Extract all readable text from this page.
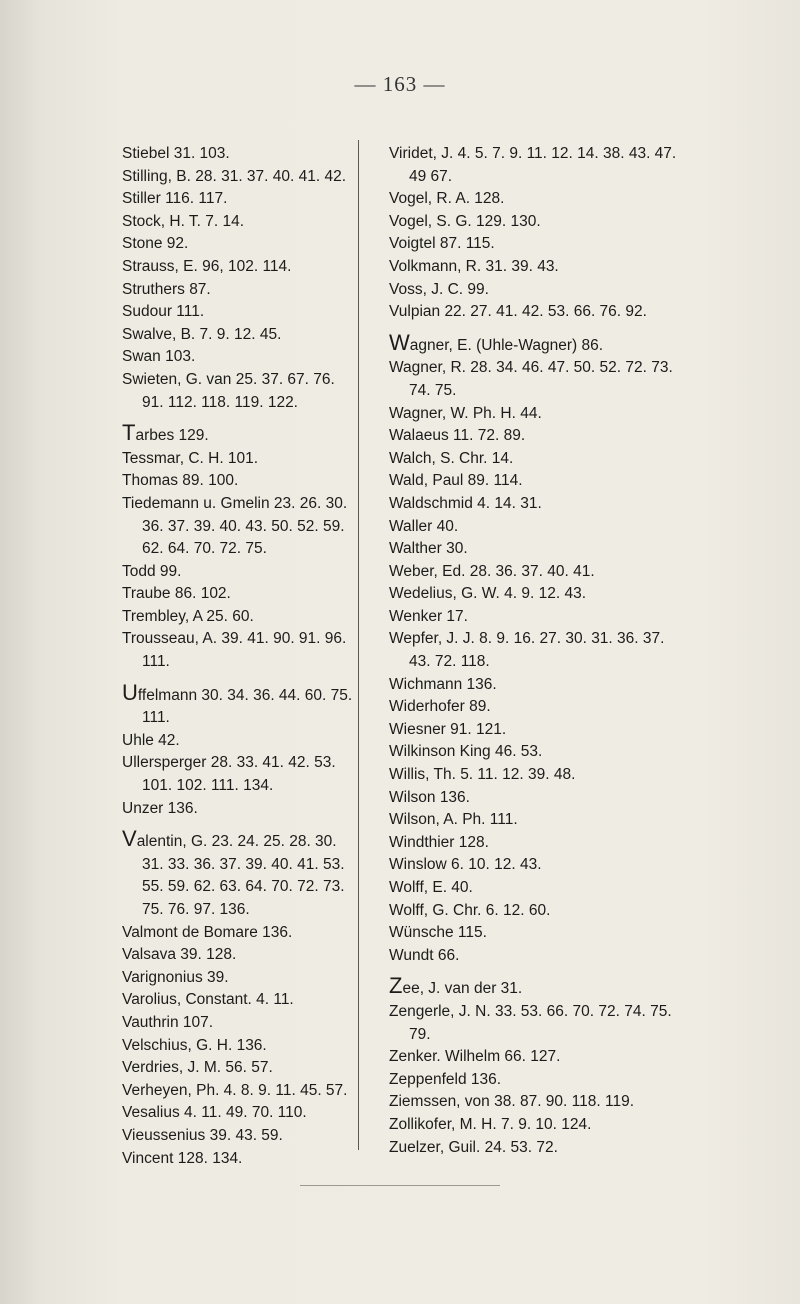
— 163 —

Stiebel 31. 103.

Stilling, B. 28. 31. 37. 40. 41. 42.

Stiller 116. 117.

Stock, H. T. 7. 14.

Stone 92.

Strauss, E. 96, 102. 114.

Struthers 87.

Sudour 111.

Swalve, B. 7. 9. 12. 45.

Swan 103.

Swieten, G. van 25. 37. 67. 76. 91. 112. 118. 119. 122.

Tarbes 129.

Tessmar, C. H. 101.

Thomas 89. 100.

Tiedemann u. Gmelin 23. 26. 30. 36. 37. 39. 40. 43. 50. 52. 59. 62. 64. 70. 72. 75.

Todd 99.

Traube 86. 102.

Trembley, A 25. 60.

Trousseau, A. 39. 41. 90. 91. 96. 111.

Uffelmann 30. 34. 36. 44. 60. 75. 111.

Uhle 42.

Ullersperger 28. 33. 41. 42. 53. 101. 102. 111. 134.

Unzer 136.

Valentin, G. 23. 24. 25. 28. 30. 31. 33. 36. 37. 39. 40. 41. 53. 55. 59. 62. 63. 64. 70. 72. 73. 75. 76. 97. 136.

Valmont de Bomare 136.

Valsava 39. 128.

Varignonius 39.

Varolius, Constant. 4. 11.

Vauthrin 107.

Velschius, G. H. 136.

Verdries, J. M. 56. 57.

Verheyen, Ph. 4. 8. 9. 11. 45. 57.

Vesalius 4. 11. 49. 70. 110.

Vieussenius 39. 43. 59.

Vincent 128. 134.

Viridet, J. 4. 5. 7. 9. 11. 12. 14. 38. 43. 47. 49 67.

Vogel, R. A. 128.

Vogel, S. G. 129. 130.

Voigtel 87. 115.

Volkmann, R. 31. 39. 43.

Voss, J. C. 99.

Vulpian 22. 27. 41. 42. 53. 66. 76. 92.

Wagner, E. (Uhle-Wagner) 86.

Wagner, R. 28. 34. 46. 47. 50. 52. 72. 73. 74. 75.

Wagner, W. Ph. H. 44.

Walaeus 11. 72. 89.

Walch, S. Chr. 14.

Wald, Paul 89. 114.

Waldschmid 4. 14. 31.

Waller 40.

Walther 30.

Weber, Ed. 28. 36. 37. 40. 41.

Wedelius, G. W. 4. 9. 12. 43.

Wenker 17.

Wepfer, J. J. 8. 9. 16. 27. 30. 31. 36. 37. 43. 72. 118.

Wichmann 136.

Widerhofer 89.

Wiesner 91. 121.

Wilkinson King 46. 53.

Willis, Th. 5. 11. 12. 39. 48.

Wilson 136.

Wilson, A. Ph. 111.

Windthier 128.

Winslow 6. 10. 12. 43.

Wolff, E. 40.

Wolff, G. Chr. 6. 12. 60.

Wünsche 115.

Wundt 66.

Zee, J. van der 31.

Zengerle, J. N. 33. 53. 66. 70. 72. 74. 75. 79.

Zenker. Wilhelm 66. 127.

Zeppenfeld 136.

Ziemssen, von 38. 87. 90. 118. 119.

Zollikofer, M. H. 7. 9. 10. 124.

Zuelzer, Guil. 24. 53. 72.
